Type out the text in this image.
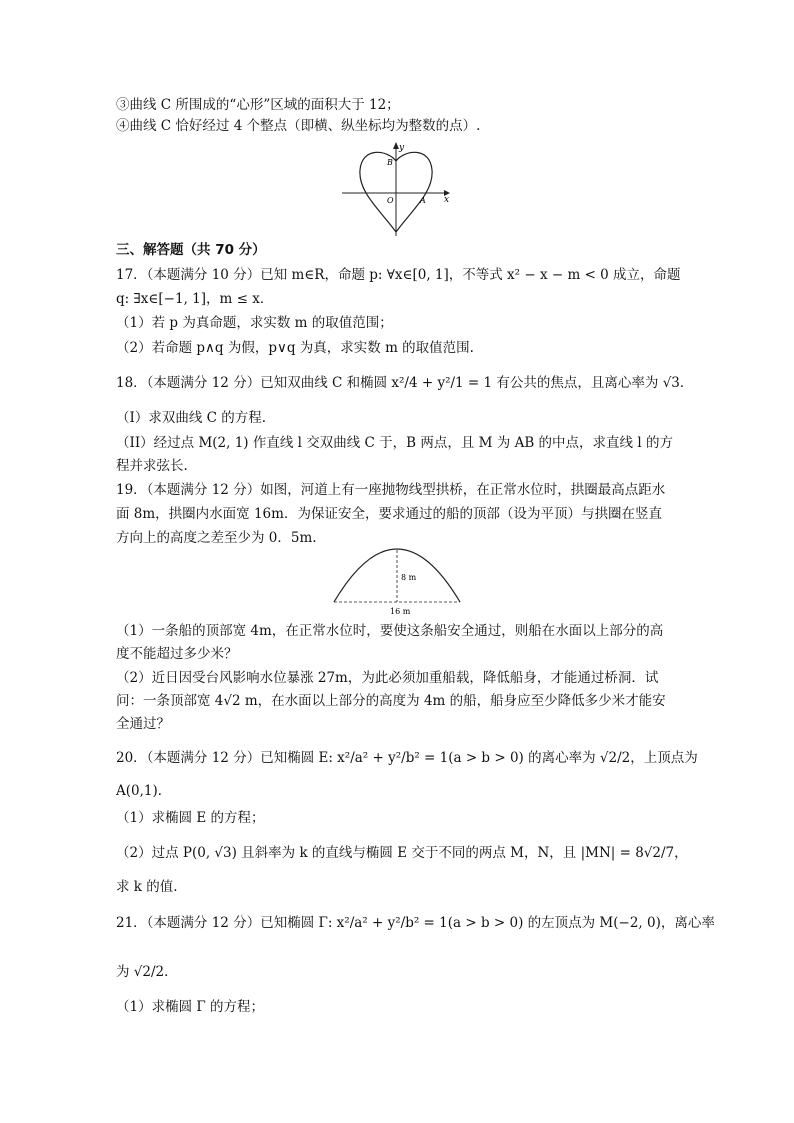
③曲线 C 所围成的“心形”区域的面积大于 12；
④曲线 C 恰好经过 4 个整点（即横、纵坐标均为整数的点）.
x
y
O	A
B
三、解答题（共 70 分）
17．（本题满分 10 分）已知 m∈R，命题 p: ∀x∈[0, 1]，不等式 x² − x − m < 0 成立，命题
q: ∃x∈[−1, 1]，m ≤ x．
（1）若 p 为真命题，求实数 m 的取值范围；
（2）若命题 p∧q 为假，p∨q 为真，求实数 m 的取值范围.
18．（本题满分 12 分）已知双曲线 C 和椭圆 x²/4 + y²/1 = 1 有公共的焦点，且离心率为 √3．
（I）求双曲线 C 的方程.
（II）经过点 M(2, 1) 作直线 l 交双曲线 C 于，B 两点，且 M 为 AB 的中点，求直线 l 的方
程并求弦长.
19．（本题满分 12 分）如图，河道上有一座抛物线型拱桥，在正常水位时，拱圈最高点距水
面 8m，拱圈内水面宽 16m．为保证安全，要求通过的船的顶部（设为平顶）与拱圈在竖直
方向上的高度之差至少为 0．5m.
8 m
16 m
（1）一条船的顶部宽 4m，在正常水位时，要使这条船安全通过，则船在水面以上部分的高
度不能超过多少米？
（2）近日因受台风影响水位暴涨 27m，为此必须加重船载，降低船身，才能通过桥洞．试
问：一条顶部宽 4√2 m，在水面以上部分的高度为 4m 的船，船身应至少降低多少米才能安
全通过？
20．（本题满分 12 分）已知椭圆 E: x²/a² + y²/b² = 1(a > b > 0) 的离心率为 √2/2，上顶点为
A(0,1)．
（1）求椭圆 E 的方程；
（2）过点 P(0, √3) 且斜率为 k 的直线与椭圆 E 交于不同的两点 M，N，且 |MN| = 8√2/7，
求 k 的值.
21．（本题满分 12 分）已知椭圆 Γ: x²/a² + y²/b² = 1(a > b > 0) 的左顶点为 M(−2, 0)，离心率
为 √2/2．
（1）求椭圆 Γ 的方程；
